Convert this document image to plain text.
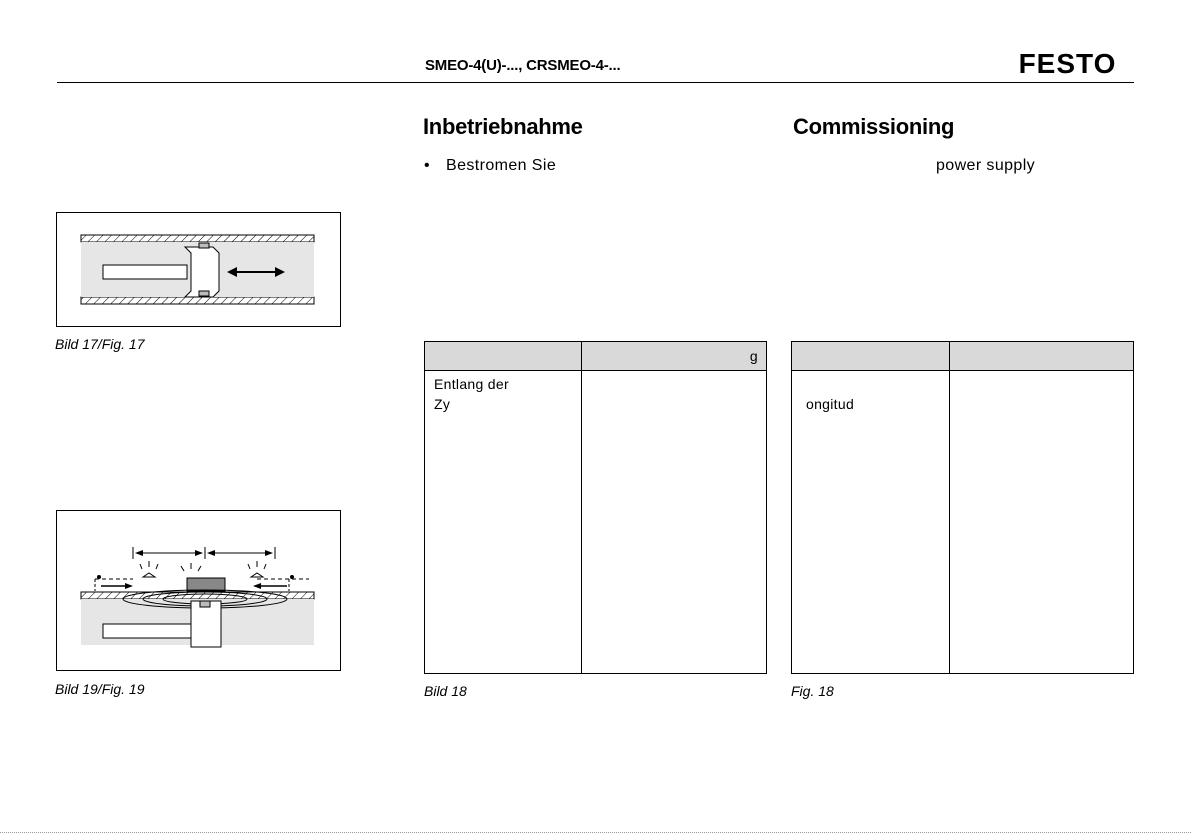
SMEO-4(U)-..., CRSMEO-4-...	FESTO
Bild 17/Fig. 17
Bild 19/Fig. 19
Inbetriebnahme
• Bestromen Sie
g
Entlang der
Zy
Bild 18
Commissioning
power supply
ongitud
Fig. 18
